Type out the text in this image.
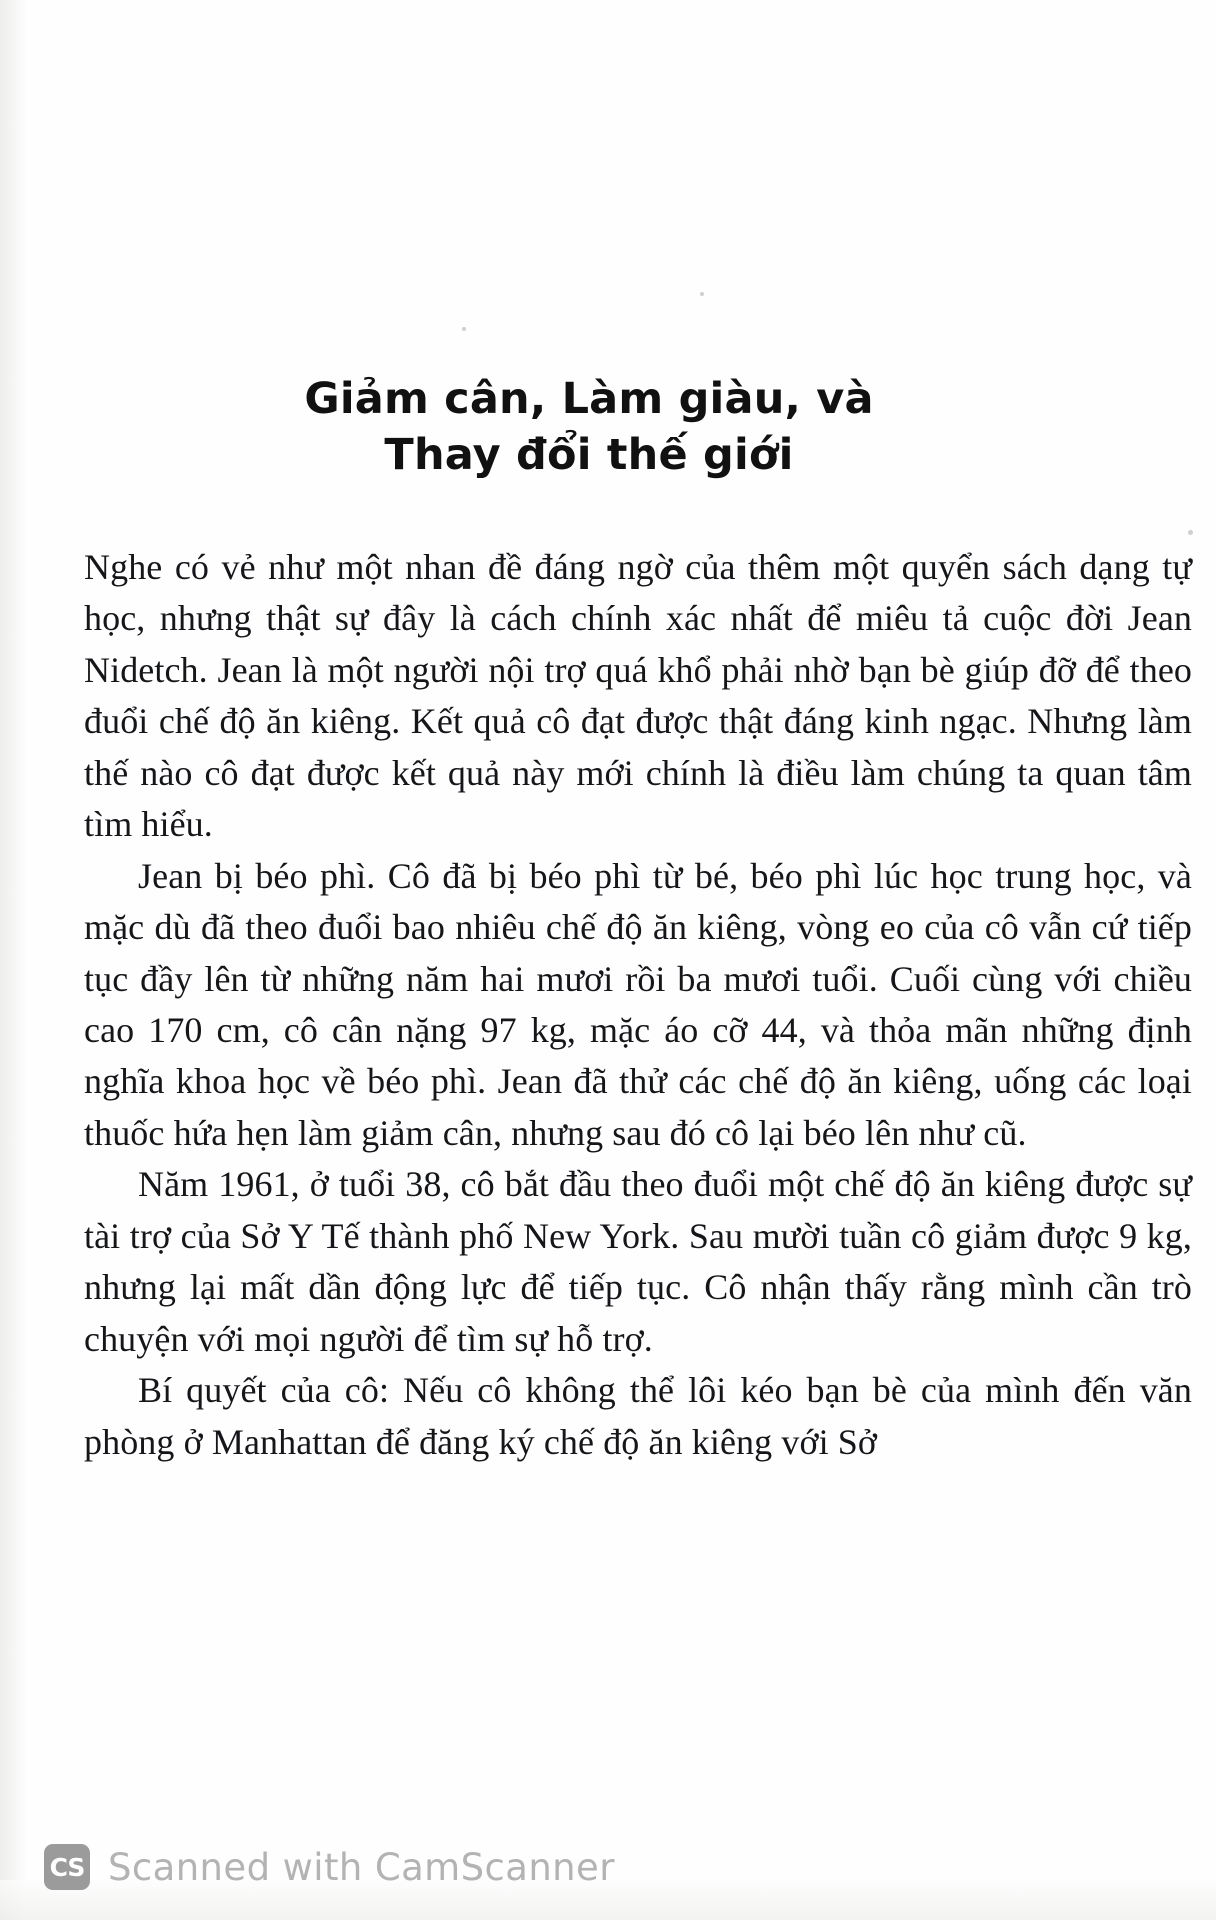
Giảm cân, Làm giàu, và
Thay đổi thế giới

Nghe có vẻ như một nhan đề đáng ngờ của thêm một quyển sách dạng tự học, nhưng thật sự đây là cách chính xác nhất để miêu tả cuộc đời Jean Nidetch. Jean là một người nội trợ quá khổ phải nhờ bạn bè giúp đỡ để theo đuổi chế độ ăn kiêng. Kết quả cô đạt được thật đáng kinh ngạc. Nhưng làm thế nào cô đạt được kết quả này mới chính là điều làm chúng ta quan tâm tìm hiểu.

Jean bị béo phì. Cô đã bị béo phì từ bé, béo phì lúc học trung học, và mặc dù đã theo đuổi bao nhiêu chế độ ăn kiêng, vòng eo của cô vẫn cứ tiếp tục đầy lên từ những năm hai mươi rồi ba mươi tuổi. Cuối cùng với chiều cao 170 cm, cô cân nặng 97 kg, mặc áo cỡ 44, và thỏa mãn những định nghĩa khoa học về béo phì. Jean đã thử các chế độ ăn kiêng, uống các loại thuốc hứa hẹn làm giảm cân, nhưng sau đó cô lại béo lên như cũ.

Năm 1961, ở tuổi 38, cô bắt đầu theo đuổi một chế độ ăn kiêng được sự tài trợ của Sở Y Tế thành phố New York. Sau mười tuần cô giảm được 9 kg, nhưng lại mất dần động lực để tiếp tục. Cô nhận thấy rằng mình cần trò chuyện với mọi người để tìm sự hỗ trợ.

Bí quyết của cô: Nếu cô không thể lôi kéo bạn bè của mình đến văn phòng ở Manhattan để đăng ký chế độ ăn kiêng với Sở

CS Scanned with CamScanner
